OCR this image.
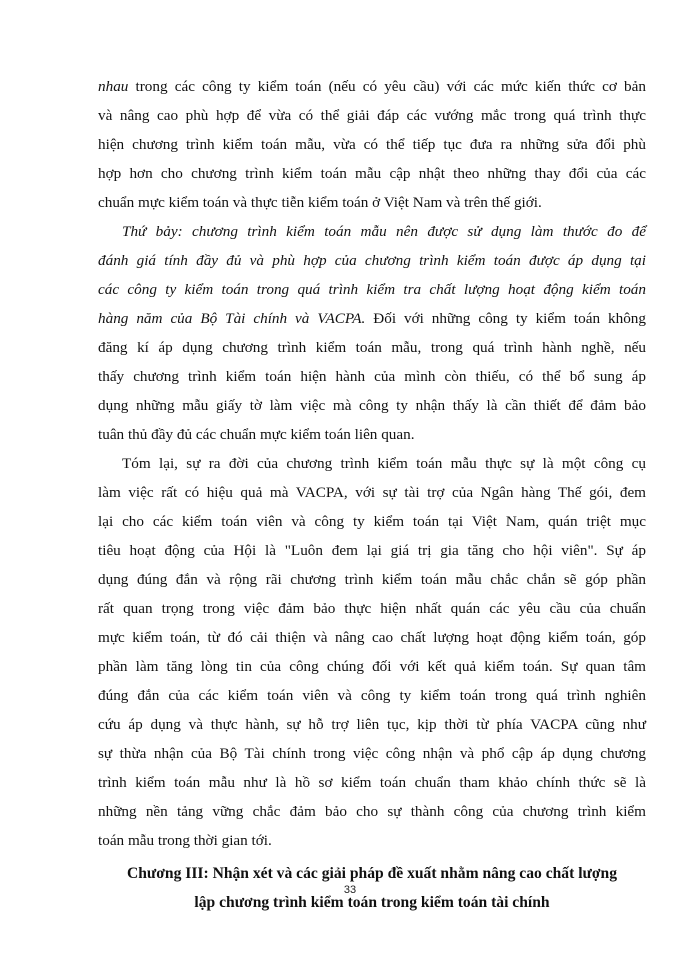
nhau trong các công ty kiểm toán (nếu có yêu cầu) với các mức kiến thức cơ bản
và nâng cao phù hợp để vừa có thể giải đáp các vướng mắc trong quá trình thực
hiện chương trình kiểm toán mẫu, vừa có thể tiếp tục đưa ra những sửa đổi phù
hợp hơn cho chương trình kiểm toán mẫu cập nhật theo những thay đổi của các
chuẩn mực kiểm toán và thực tiễn kiểm toán ở Việt Nam và trên thế giới.
Thứ bảy: chương trình kiểm toán mẫu nên được sử dụng làm thước đo để
đánh giá tính đầy đủ và phù hợp của chương trình kiểm toán được áp dụng tại
các công ty kiểm toán trong quá trình kiểm tra chất lượng hoạt động kiểm toán
hàng năm của Bộ Tài chính và VACPA. Đối với những công ty kiểm toán không
đăng kí áp dụng chương trình kiểm toán mẫu, trong quá trình hành nghề, nếu
thấy chương trình kiểm toán hiện hành của mình còn thiếu, có thể bổ sung áp
dụng những mẫu giấy tờ làm việc mà công ty nhận thấy là cần thiết để đảm bảo
tuân thủ đầy đủ các chuẩn mực kiểm toán liên quan.
Tóm lại, sự ra đời của chương trình kiểm toán mẫu thực sự là một công cụ
làm việc rất có hiệu quả mà VACPA, với sự tài trợ của Ngân hàng Thế gói, đem
lại cho các kiểm toán viên và công ty kiểm toán tại Việt Nam, quán triệt mục
tiêu hoạt động của Hội là "Luôn đem lại giá trị gia tăng cho hội viên". Sự áp
dụng đúng đắn và rộng rãi chương trình kiểm toán mẫu chắc chắn sẽ góp phần
rất quan trọng trong việc đảm bảo thực hiện nhất quán các yêu cầu của chuẩn
mực kiểm toán, từ đó cải thiện và nâng cao chất lượng hoạt động kiểm toán, góp
phần làm tăng lòng tin của công chúng đối với kết quả kiểm toán. Sự quan tâm
đúng đắn của các kiểm toán viên và công ty kiểm toán trong quá trình nghiên
cứu áp dụng và thực hành, sự hỗ trợ liên tục, kịp thời từ phía VACPA cũng như
sự thừa nhận của Bộ Tài chính trong việc công nhận và phổ cập áp dụng chương
trình kiểm toán mẫu như là hồ sơ kiểm toán chuẩn tham khảo chính thức sẽ là
những nền tảng vững chắc đảm bảo cho sự thành công của chương trình kiểm
toán mẫu trong thời gian tới.
Chương III: Nhận xét và các giải pháp đề xuất nhằm nâng cao chất lượng
lập chương trình kiểm toán trong kiểm toán tài chính
33
